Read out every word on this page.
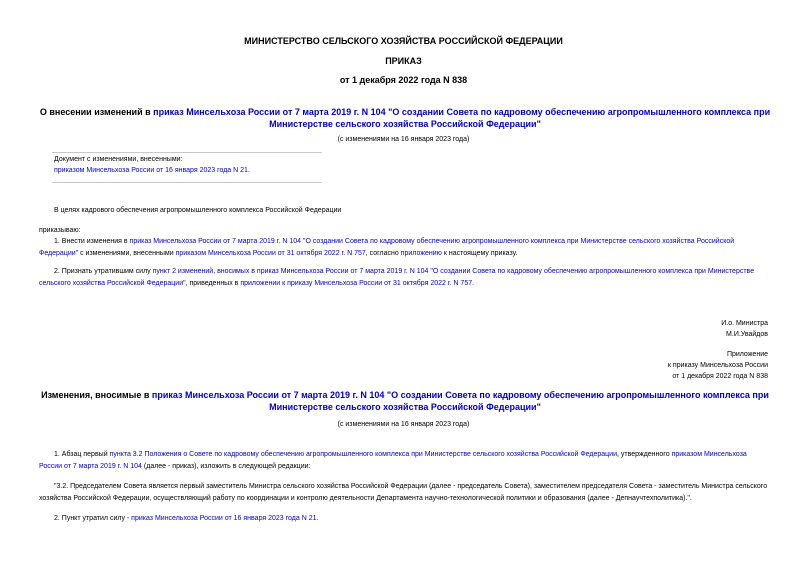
МИНИСТЕРСТВО СЕЛЬСКОГО ХОЗЯЙСТВА РОССИЙСКОЙ ФЕДЕРАЦИИ
ПРИКАЗ
от 1 декабря 2022 года N 838
О внесении изменений в приказ Минсельхоза России от 7 марта 2019 г. N 104 "О создании Совета по кадровому обеспечению агропромышленного комплекса при Министерстве сельского хозяйства Российской Федерации"
(с изменениями на 16 января 2023 года)
Документ с изменениями, внесенными:
приказом Минсельхоза России от 16 января 2023 года N 21.
В целях кадрового обеспечения агропромышленного комплекса Российской Федерации
приказываю:
1. Внести изменения в приказ Минсельхоза России от 7 марта 2019 г. N 104 "О создании Совета по кадровому обеспечению агропромышленного комплекса при Министерстве сельского хозяйства Российской Федерации" с изменениями, внесенными приказом Минсельхоза России от 31 октября 2022 г. N 757, согласно приложению к настоящему приказу.
2. Признать утратившим силу пункт 2 изменений, вносимых в приказ Минсельхоза России от 7 марта 2019 г. N 104 "О создании Совета по кадровому обеспечению агропромышленного комплекса при Министерстве сельского хозяйства Российской Федерации", приведенных в приложении к приказу Минсельхоза России от 31 октября 2022 г. N 757.
И.о. Министра
М.И.Увайдов
Приложение
к приказу Минсельхоза России
от 1 декабря 2022 года N 838
Изменения, вносимые в приказ Минсельхоза России от 7 марта 2019 г. N 104 "О создании Совета по кадровому обеспечению агропромышленного комплекса при Министерстве сельского хозяйства Российской Федерации"
(с изменениями на 16 января 2023 года)
1. Абзац первый пункта 3.2 Положения о Совете по кадровому обеспечению агропромышленного комплекса при Министерстве сельского хозяйства Российской Федерации, утвержденного приказом Минсельхоза России от 7 марта 2019 г. N 104 (далее - приказ), изложить в следующей редакции:
"3.2. Председателем Совета является первый заместитель Министра сельского хозяйства Российской Федерации (далее - председатель Совета), заместителем председателя Совета - заместитель Министра сельского хозяйства Российской Федерации, осуществляющий работу по координации и контролю деятельности Департамента научно-технологической политики и образования (далее - Депнаучтехполитика).".
2. Пункт утратил силу - приказ Минсельхоза России от 16 января 2023 года N 21.
